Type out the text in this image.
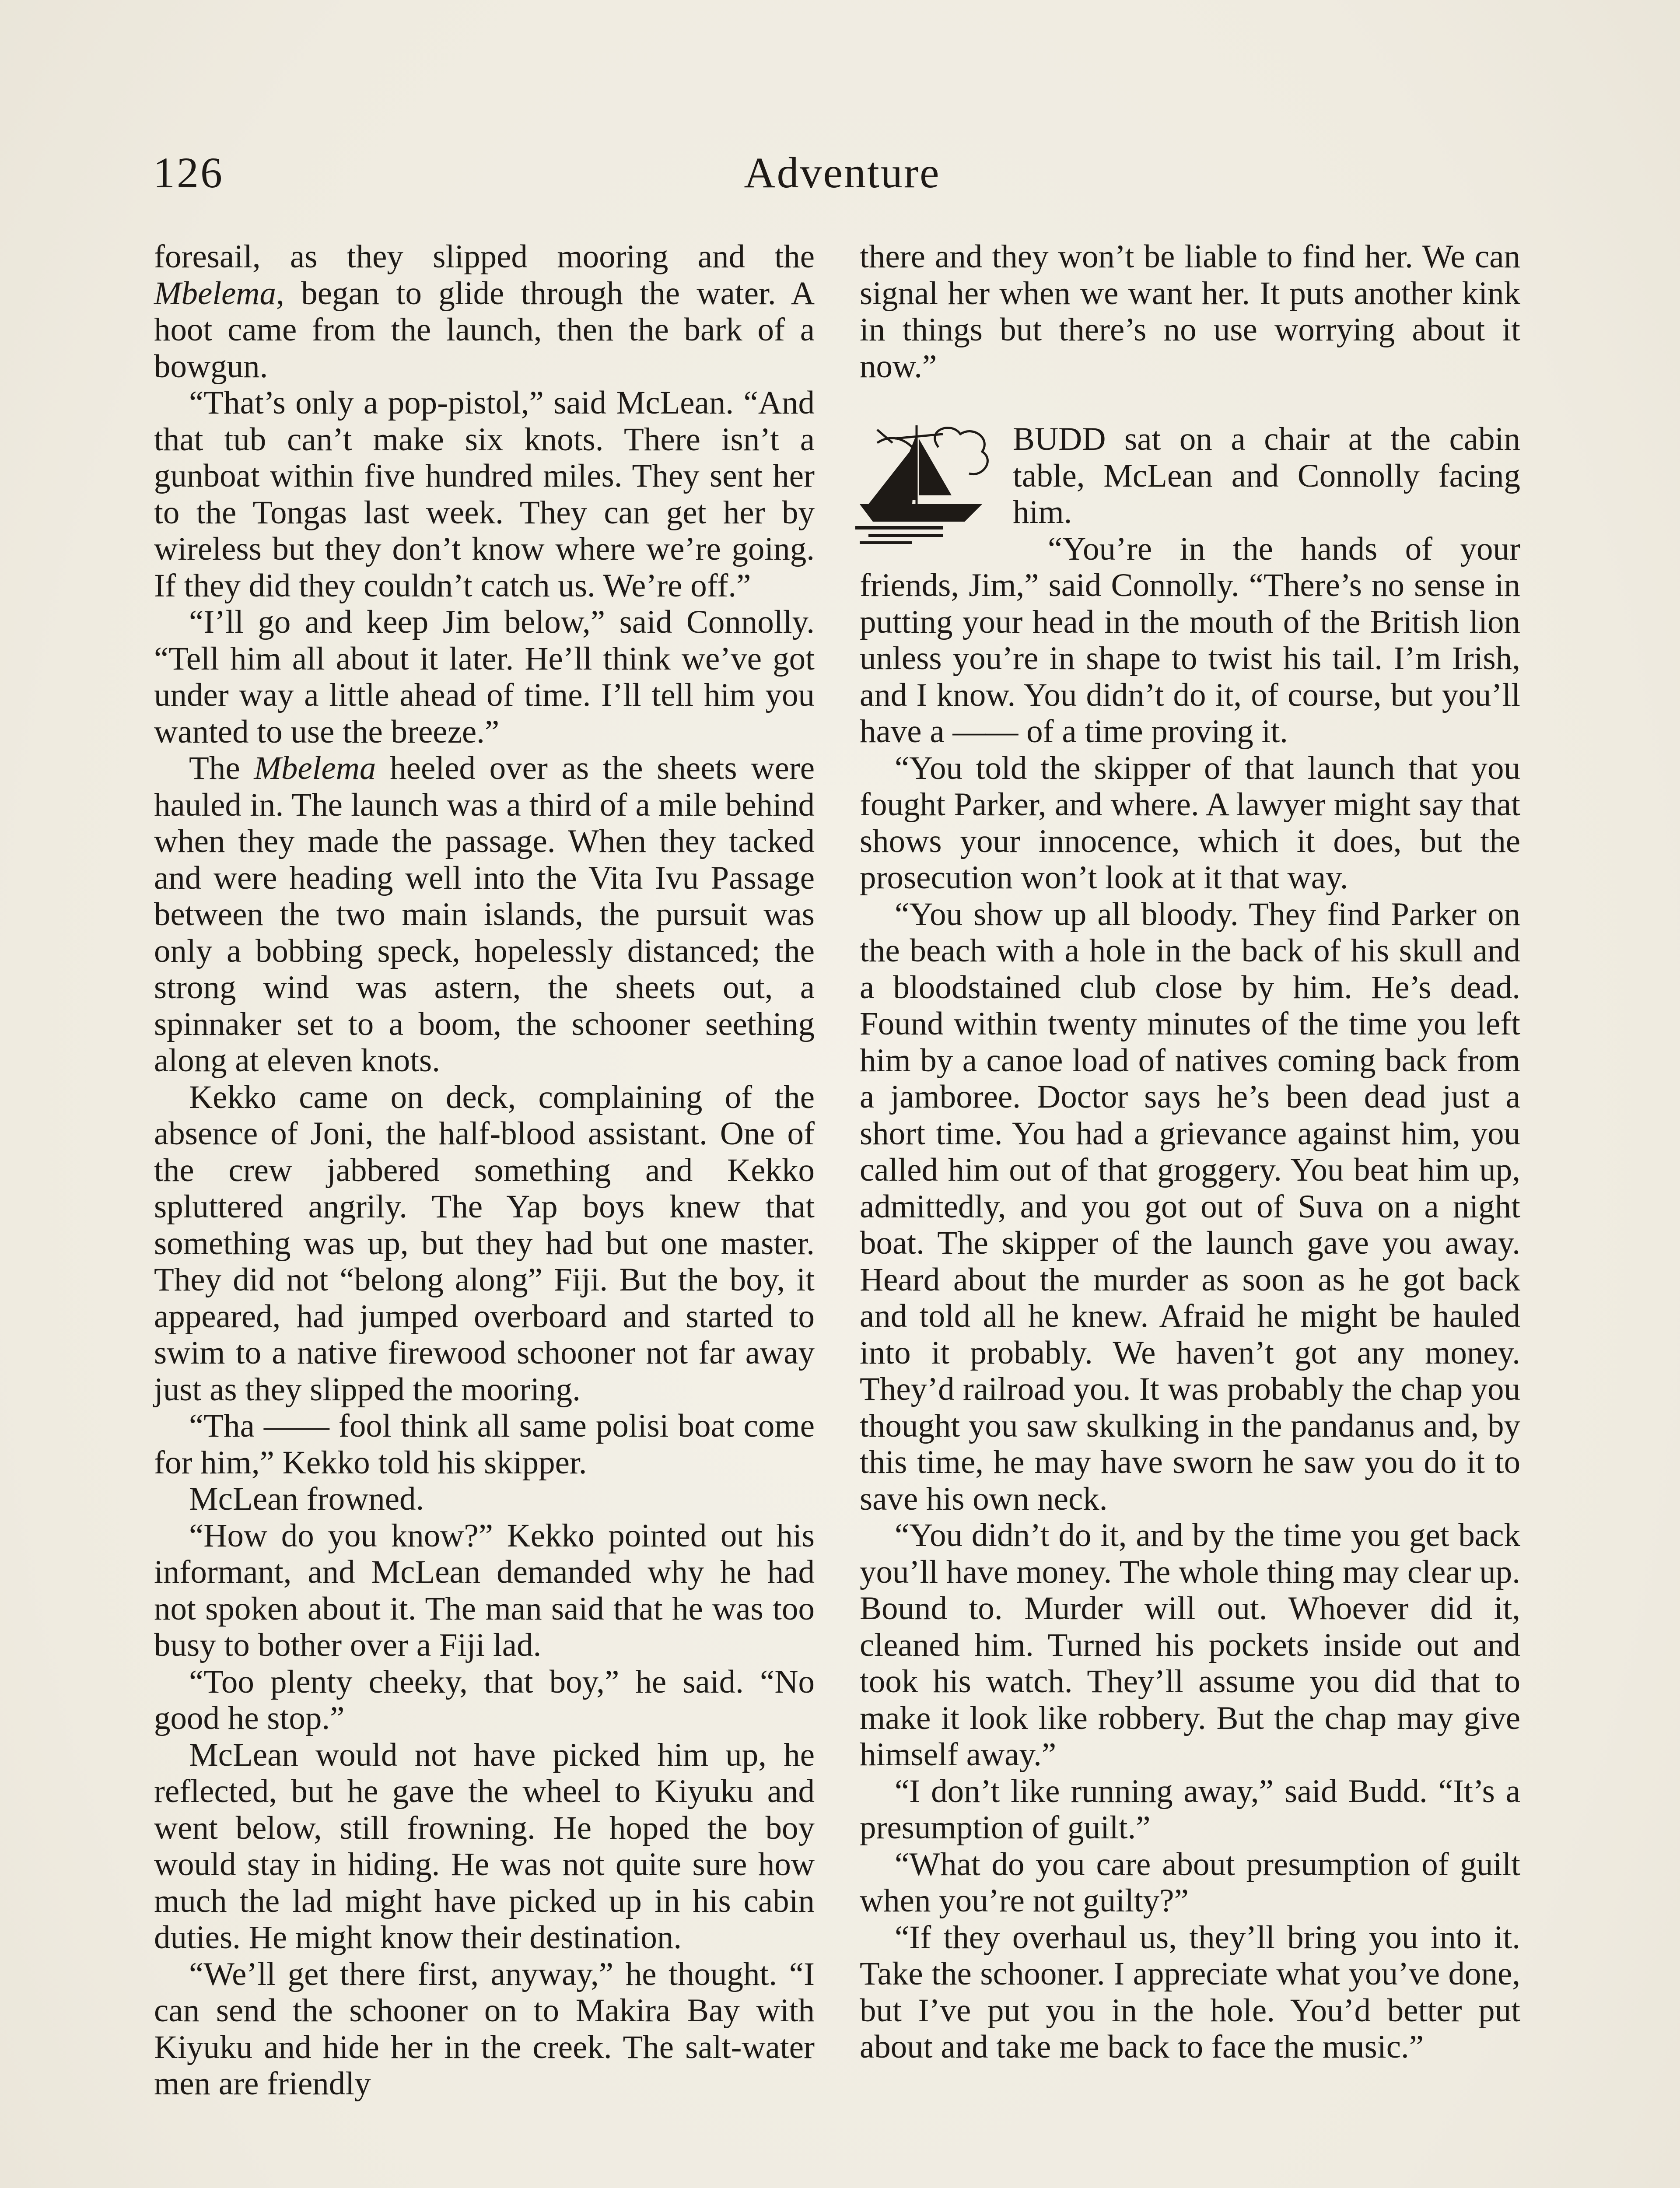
126	Adventure

foresail, as they slipped mooring and the Mbelema, began to glide through the water. A hoot came from the launch, then the bark of a bowgun.

“That’s only a pop-pistol,” said McLean. “And that tub can’t make six knots. There isn’t a gunboat within five hundred miles. They sent her to the Tongas last week. They can get her by wireless but they don’t know where we’re going. If they did they couldn’t catch us. We’re off.”

“I’ll go and keep Jim below,” said Connolly. “Tell him all about it later. He’ll think we’ve got under way a little ahead of time. I’ll tell him you wanted to use the breeze.”

The Mbelema heeled over as the sheets were hauled in. The launch was a third of a mile behind when they made the passage. When they tacked and were heading well into the Vita Ivu Passage between the two main islands, the pursuit was only a bobbing speck, hopelessly distanced; the strong wind was astern, the sheets out, a spinnaker set to a boom, the schooner seething along at eleven knots.

Kekko came on deck, complaining of the absence of Joni, the half-blood assistant. One of the crew jabbered something and Kekko spluttered angrily. The Yap boys knew that something was up, but they had but one master. They did not “belong along” Fiji. But the boy, it appeared, had jumped overboard and started to swim to a native firewood schooner not far away just as they slipped the mooring.

“Tha —— fool think all same polisi boat come for him,” Kekko told his skipper.

McLean frowned.

“How do you know?” Kekko pointed out his informant, and McLean demanded why he had not spoken about it. The man said that he was too busy to bother over a Fiji lad.

“Too plenty cheeky, that boy,” he said. “No good he stop.”

McLean would not have picked him up, he reflected, but he gave the wheel to Kiyuku and went below, still frowning. He hoped the boy would stay in hiding. He was not quite sure how much the lad might have picked up in his cabin duties. He might know their destination.

“We’ll get there first, anyway,” he thought. “I can send the schooner on to Makira Bay with Kiyuku and hide her in the creek. The salt-water men are friendly

there and they won’t be liable to find her. We can signal her when we want her. It puts another kink in things but there’s no use worrying about it now.”

BUDD sat on a chair at the cabin table, McLean and Connolly facing him.

“You’re in the hands of your friends, Jim,” said Connolly. “There’s no sense in putting your head in the mouth of the British lion unless you’re in shape to twist his tail. I’m Irish, and I know. You didn’t do it, of course, but you’ll have a —— of a time proving it.

“You told the skipper of that launch that you fought Parker, and where. A lawyer might say that shows your innocence, which it does, but the prosecution won’t look at it that way.

“You show up all bloody. They find Parker on the beach with a hole in the back of his skull and a bloodstained club close by him. He’s dead. Found within twenty minutes of the time you left him by a canoe load of natives coming back from a jamboree. Doctor says he’s been dead just a short time. You had a grievance against him, you called him out of that groggery. You beat him up, admittedly, and you got out of Suva on a night boat. The skipper of the launch gave you away. Heard about the murder as soon as he got back and told all he knew. Afraid he might be hauled into it probably. We haven’t got any money. They’d railroad you. It was probably the chap you thought you saw skulking in the pandanus and, by this time, he may have sworn he saw you do it to save his own neck.

“You didn’t do it, and by the time you get back you’ll have money. The whole thing may clear up. Bound to. Murder will out. Whoever did it, cleaned him. Turned his pockets inside out and took his watch. They’ll assume you did that to make it look like robbery. But the chap may give himself away.”

“I don’t like running away,” said Budd. “It’s a presumption of guilt.”

“What do you care about presumption of guilt when you’re not guilty?”

“If they overhaul us, they’ll bring you into it. Take the schooner. I appreciate what you’ve done, but I’ve put you in the hole. You’d better put about and take me back to face the music.”
